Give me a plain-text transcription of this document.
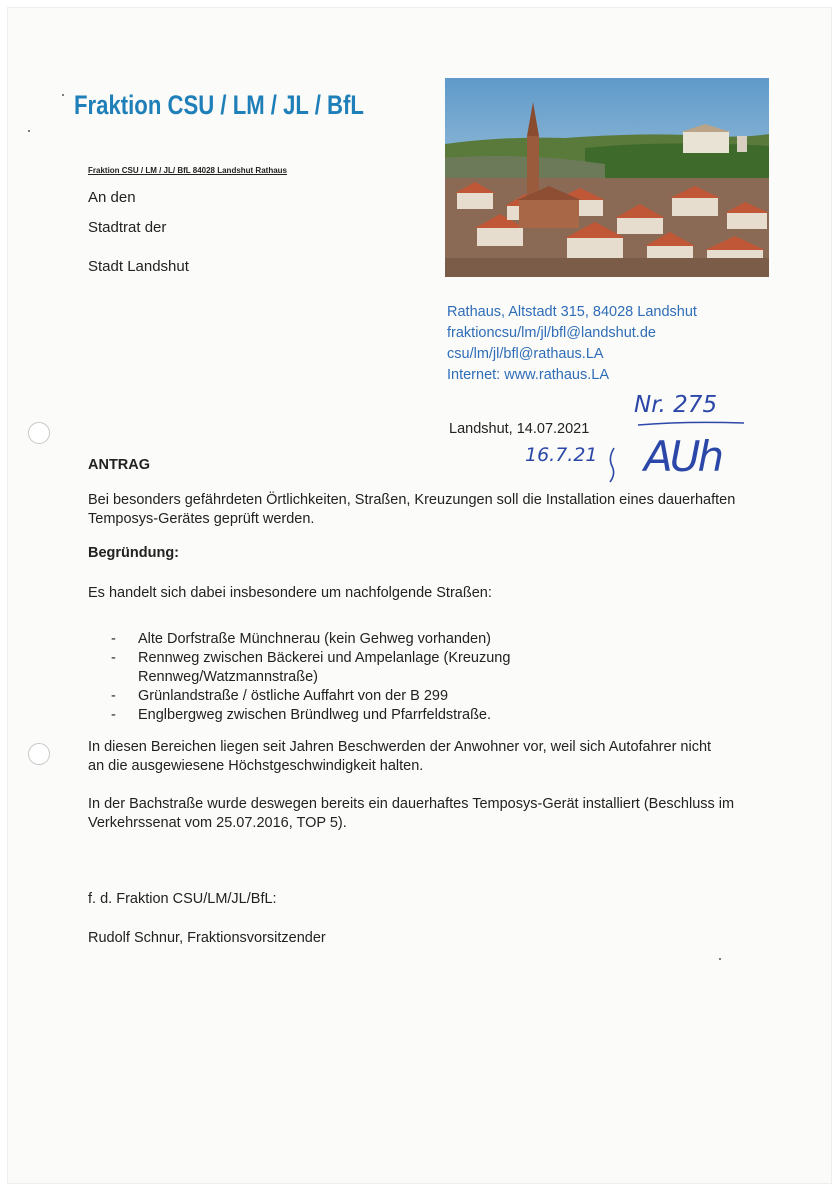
Fraktion CSU / LM / JL / BfL
Fraktion CSU / LM / JL/ BfL 84028 Landshut Rathaus
An den
Stadtrat der
Stadt Landshut
Rathaus, Altstadt 315, 84028 Landshut
fraktioncsu/lm/jl/bfl@landshut.de
csu/lm/jl/bfl@rathaus.LA
Internet: www.rathaus.LA
Landshut, 14.07.2021
Nr. 275
16.7.21 AUh
ANTRAG
Bei besonders gefährdeten Örtlichkeiten, Straßen, Kreuzungen soll die Installation eines dauerhaften Temposys-Gerätes geprüft werden.
Begründung:
Es handelt sich dabei insbesondere um nachfolgende Straßen:
- Alte Dorfstraße Münchnerau (kein Gehweg vorhanden)
- Rennweg zwischen Bäckerei und Ampelanlage (Kreuzung Rennweg/Watzmannstraße)
- Grünlandstraße / östliche Auffahrt von der B 299
- Englbergweg zwischen Bründlweg und Pfarrfeldstraße.
In diesen Bereichen liegen seit Jahren Beschwerden der Anwohner vor, weil sich Autofahrer nicht an die ausgewiesene Höchstgeschwindigkeit halten.
In der Bachstraße wurde deswegen bereits ein dauerhaftes Temposys-Gerät installiert (Beschluss im Verkehrssenat vom 25.07.2016, TOP 5).
f. d. Fraktion CSU/LM/JL/BfL:
Rudolf Schnur, Fraktionsvorsitzender
